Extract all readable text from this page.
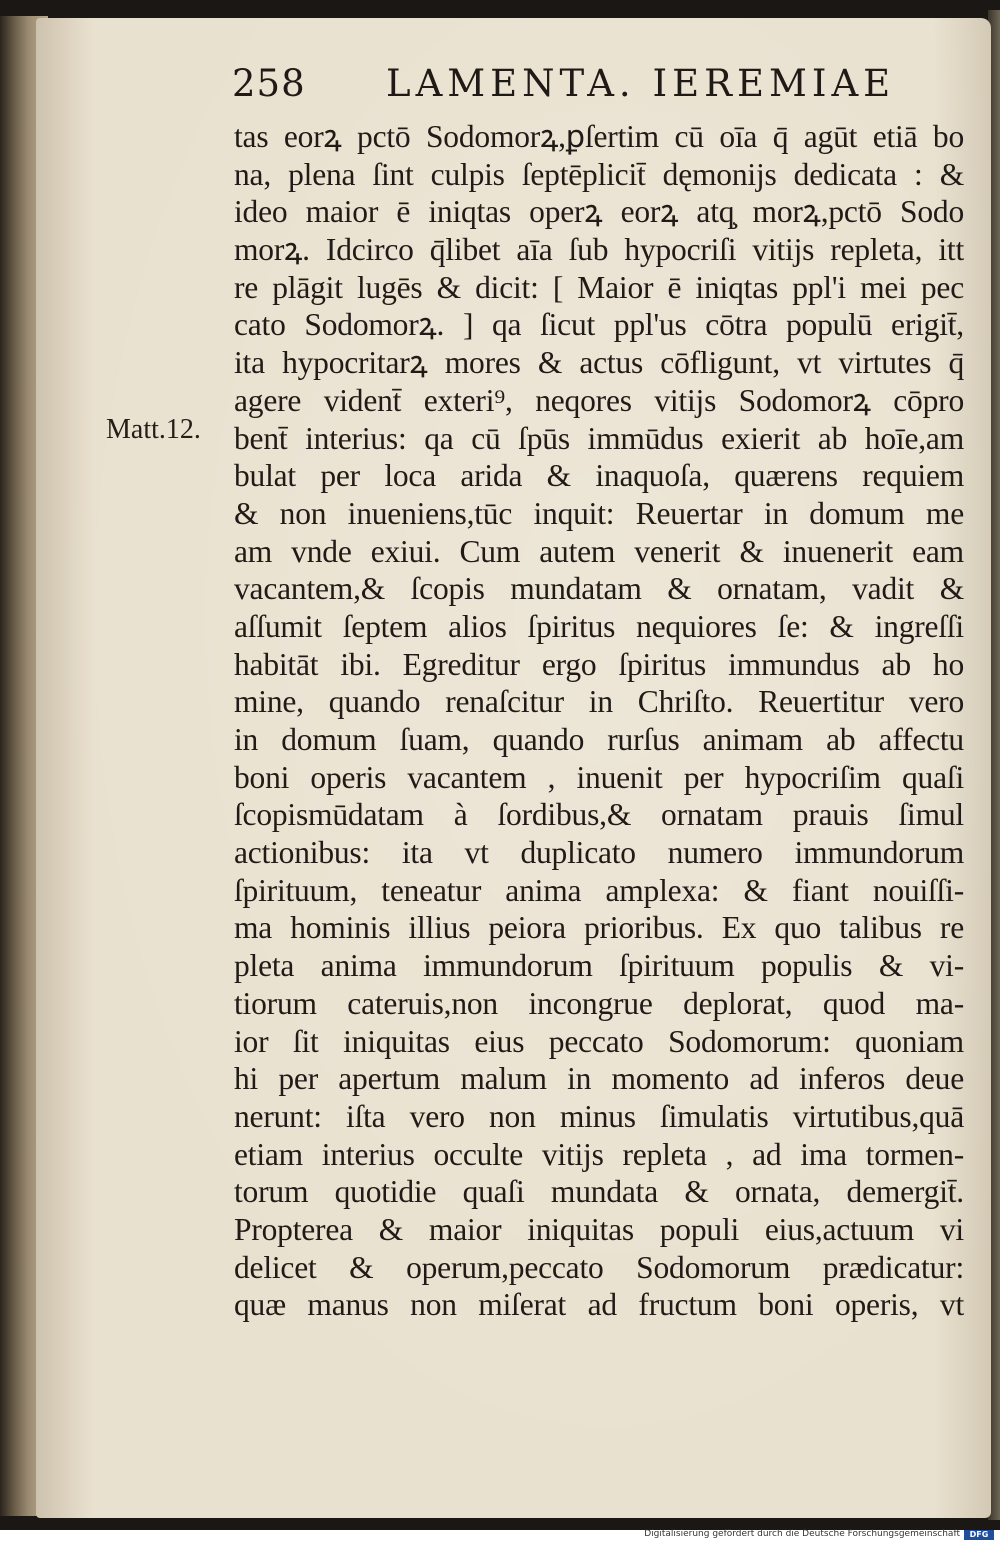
258 LAMENTA. IEREMIAE
Matt.12.
tas eorꝝ pctō Sodomorꝝ,ꝑſertim cū oīa q̄ agūt etiā bo
na, plena ſint culpis ſeptēplicit̄ dęmonijs dedicata : &
ideo maior ē iniqtas operꝝ eorꝝ atq̧ morꝝ,pctō Sodo
morꝝ. Idcirco q̄libet aīa ſub hypocriſi vitijs repleta, itt
re plāgit lugēs & dicit: [ Maior ē iniqtas ppl'i mei pec
cato Sodomorꝝ. ] qa ſicut ppl'us cōtra populū erigit̄,
ita hypocritarꝝ mores & actus cōfligunt, vt virtutes q̄
agere vident̄ exteri⁹, neqores vitijs Sodomorꝝ cōpro
bent̄ interius: qa cū ſpūs immūdus exierit ab hoīe,am
bulat per loca arida & inaquoſa, quærens requiem
& non inueniens,tūc inquit: Reuertar in domum me
am vnde exiui. Cum autem venerit & inuenerit eam
vacantem,& ſcopis mundatam & ornatam, vadit &
aſſumit ſeptem alios ſpiritus nequiores ſe: & ingreſſi
habitāt ibi. Egreditur ergo ſpiritus immundus ab ho
mine, quando renaſcitur in Chriſto. Reuertitur vero
in domum ſuam, quando rurſus animam ab affectu
boni operis vacantem , inuenit per hypocriſim quaſi
ſcopismūdatam à ſordibus,& ornatam prauis ſimul
actionibus: ita vt duplicato numero immundorum
ſpirituum, teneatur anima amplexa: & fiant nouiſſi-
ma hominis illius peiora prioribus. Ex quo talibus re
pleta anima immundorum ſpirituum populis & vi-
tiorum cateruis,non incongrue deplorat, quod ma-
ior ſit iniquitas eius peccato Sodomorum: quoniam
hi per apertum malum in momento ad inferos deue
nerunt: iſta vero non minus ſimulatis virtutibus,quā
etiam interius occulte vitijs repleta , ad ima tormen-
torum quotidie quaſi mundata & ornata, demergit̄.
Propterea & maior iniquitas populi eius,actuum vi
delicet & operum,peccato Sodomorum prædicatur:
quæ manus non miſerat ad fructum boni operis, vt
Digitalisierung gefördert durch die Deutsche Forschungsgemeinschaft	DFG
